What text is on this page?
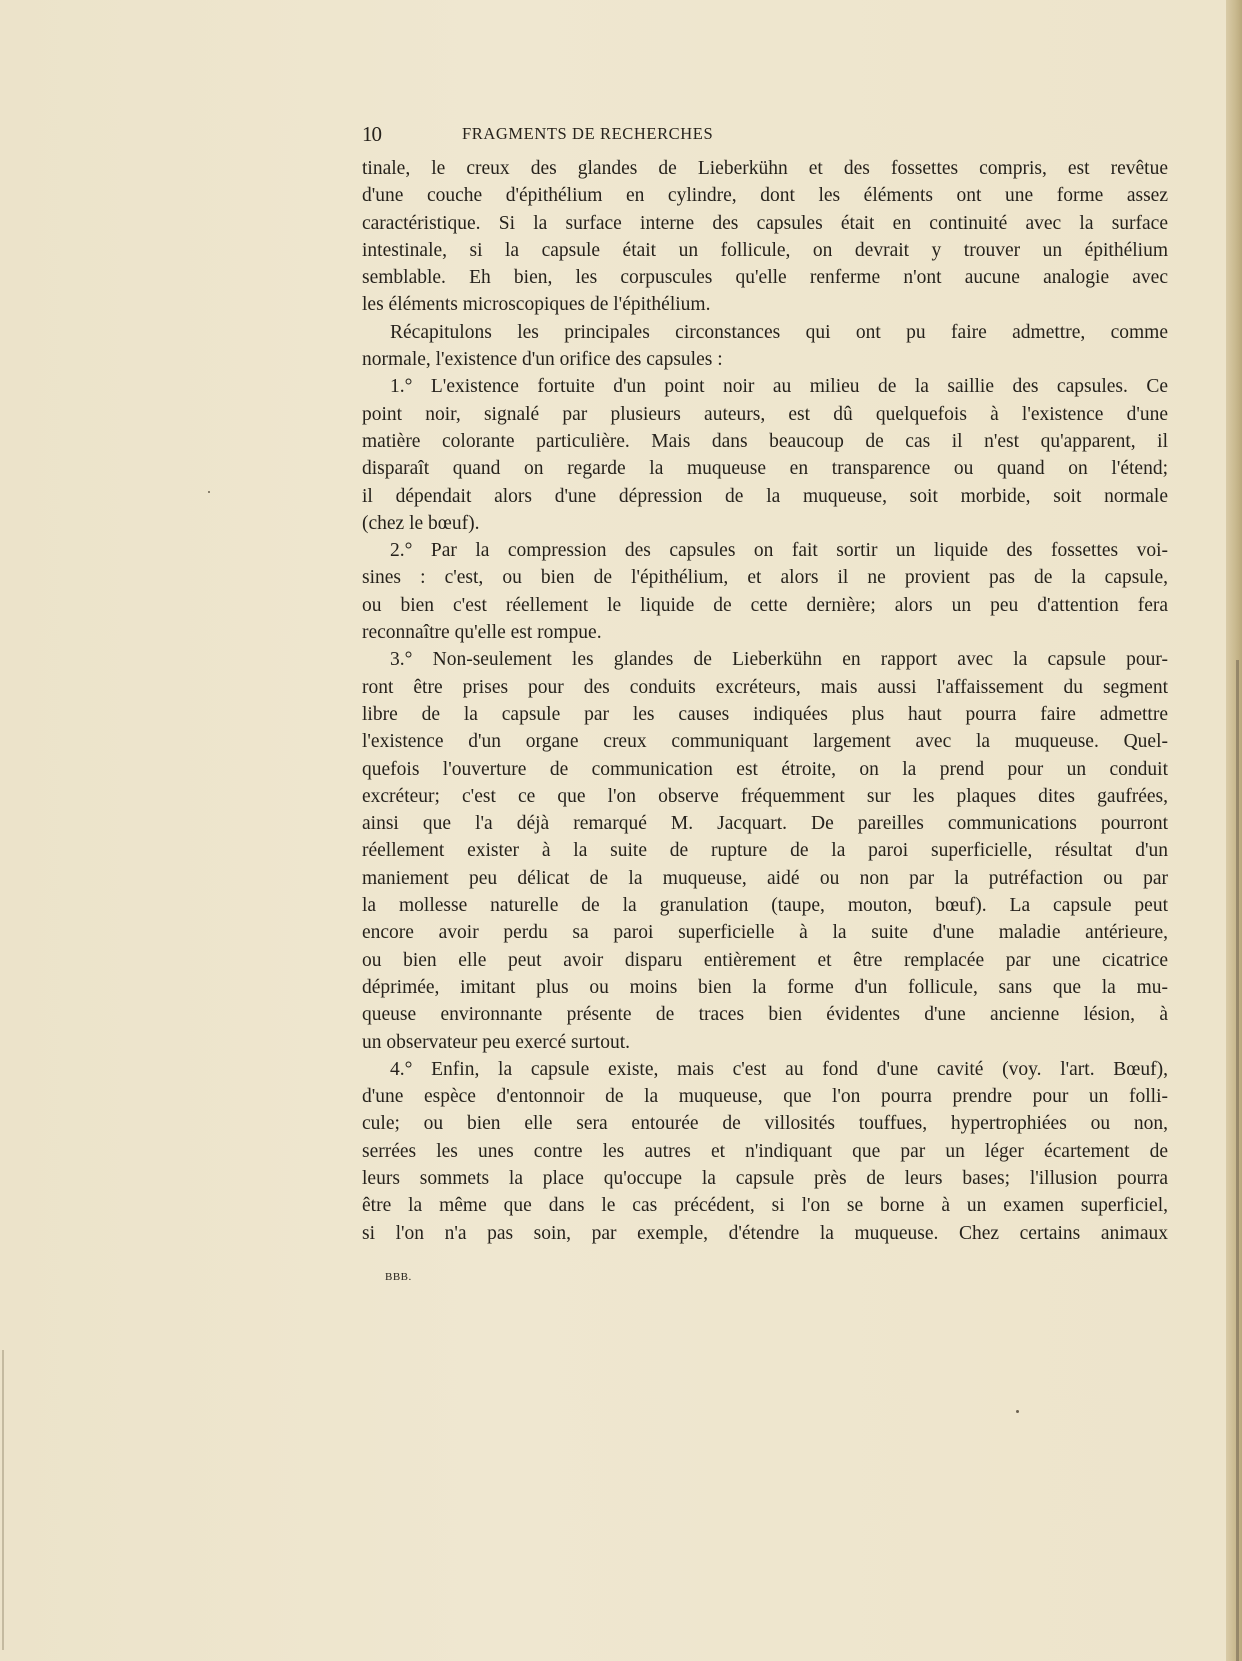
10	FRAGMENTS DE RECHERCHES
tinale, le creux des glandes de Lieberkühn et des fossettes compris, est revêtue
d'une couche d'épithélium en cylindre, dont les éléments ont une forme assez
caractéristique. Si la surface interne des capsules était en continuité avec la surface
intestinale, si la capsule était un follicule, on devrait y trouver un épithélium
semblable. Eh bien, les corpuscules qu'elle renferme n'ont aucune analogie avec
les éléments microscopiques de l'épithélium.
Récapitulons les principales circonstances qui ont pu faire admettre, comme
normale, l'existence d'un orifice des capsules :
1.° L'existence fortuite d'un point noir au milieu de la saillie des capsules. Ce
point noir, signalé par plusieurs auteurs, est dû quelquefois à l'existence d'une
matière colorante particulière. Mais dans beaucoup de cas il n'est qu'apparent, il
disparaît quand on regarde la muqueuse en transparence ou quand on l'étend;
il dépendait alors d'une dépression de la muqueuse, soit morbide, soit normale
(chez le bœuf).
2.° Par la compression des capsules on fait sortir un liquide des fossettes voi-
sines : c'est, ou bien de l'épithélium, et alors il ne provient pas de la capsule,
ou bien c'est réellement le liquide de cette dernière; alors un peu d'attention fera
reconnaître qu'elle est rompue.
3.° Non-seulement les glandes de Lieberkühn en rapport avec la capsule pour-
ront être prises pour des conduits excréteurs, mais aussi l'affaissement du segment
libre de la capsule par les causes indiquées plus haut pourra faire admettre
l'existence d'un organe creux communiquant largement avec la muqueuse. Quel-
quefois l'ouverture de communication est étroite, on la prend pour un conduit
excréteur; c'est ce que l'on observe fréquemment sur les plaques dites gaufrées,
ainsi que l'a déjà remarqué M. Jacquart. De pareilles communications pourront
réellement exister à la suite de rupture de la paroi superficielle, résultat d'un
maniement peu délicat de la muqueuse, aidé ou non par la putréfaction ou par
la mollesse naturelle de la granulation (taupe, mouton, bœuf). La capsule peut
encore avoir perdu sa paroi superficielle à la suite d'une maladie antérieure,
ou bien elle peut avoir disparu entièrement et être remplacée par une cicatrice
déprimée, imitant plus ou moins bien la forme d'un follicule, sans que la mu-
queuse environnante présente de traces bien évidentes d'une ancienne lésion, à
un observateur peu exercé surtout.
4.° Enfin, la capsule existe, mais c'est au fond d'une cavité (voy. l'art. Bœuf),
d'une espèce d'entonnoir de la muqueuse, que l'on pourra prendre pour un folli-
cule; ou bien elle sera entourée de villosités touffues, hypertrophiées ou non,
serrées les unes contre les autres et n'indiquant que par un léger écartement de
leurs sommets la place qu'occupe la capsule près de leurs bases; l'illusion pourra
être la même que dans le cas précédent, si l'on se borne à un examen superficiel,
si l'on n'a pas soin, par exemple, d'étendre la muqueuse. Chez certains animaux
BBB.
